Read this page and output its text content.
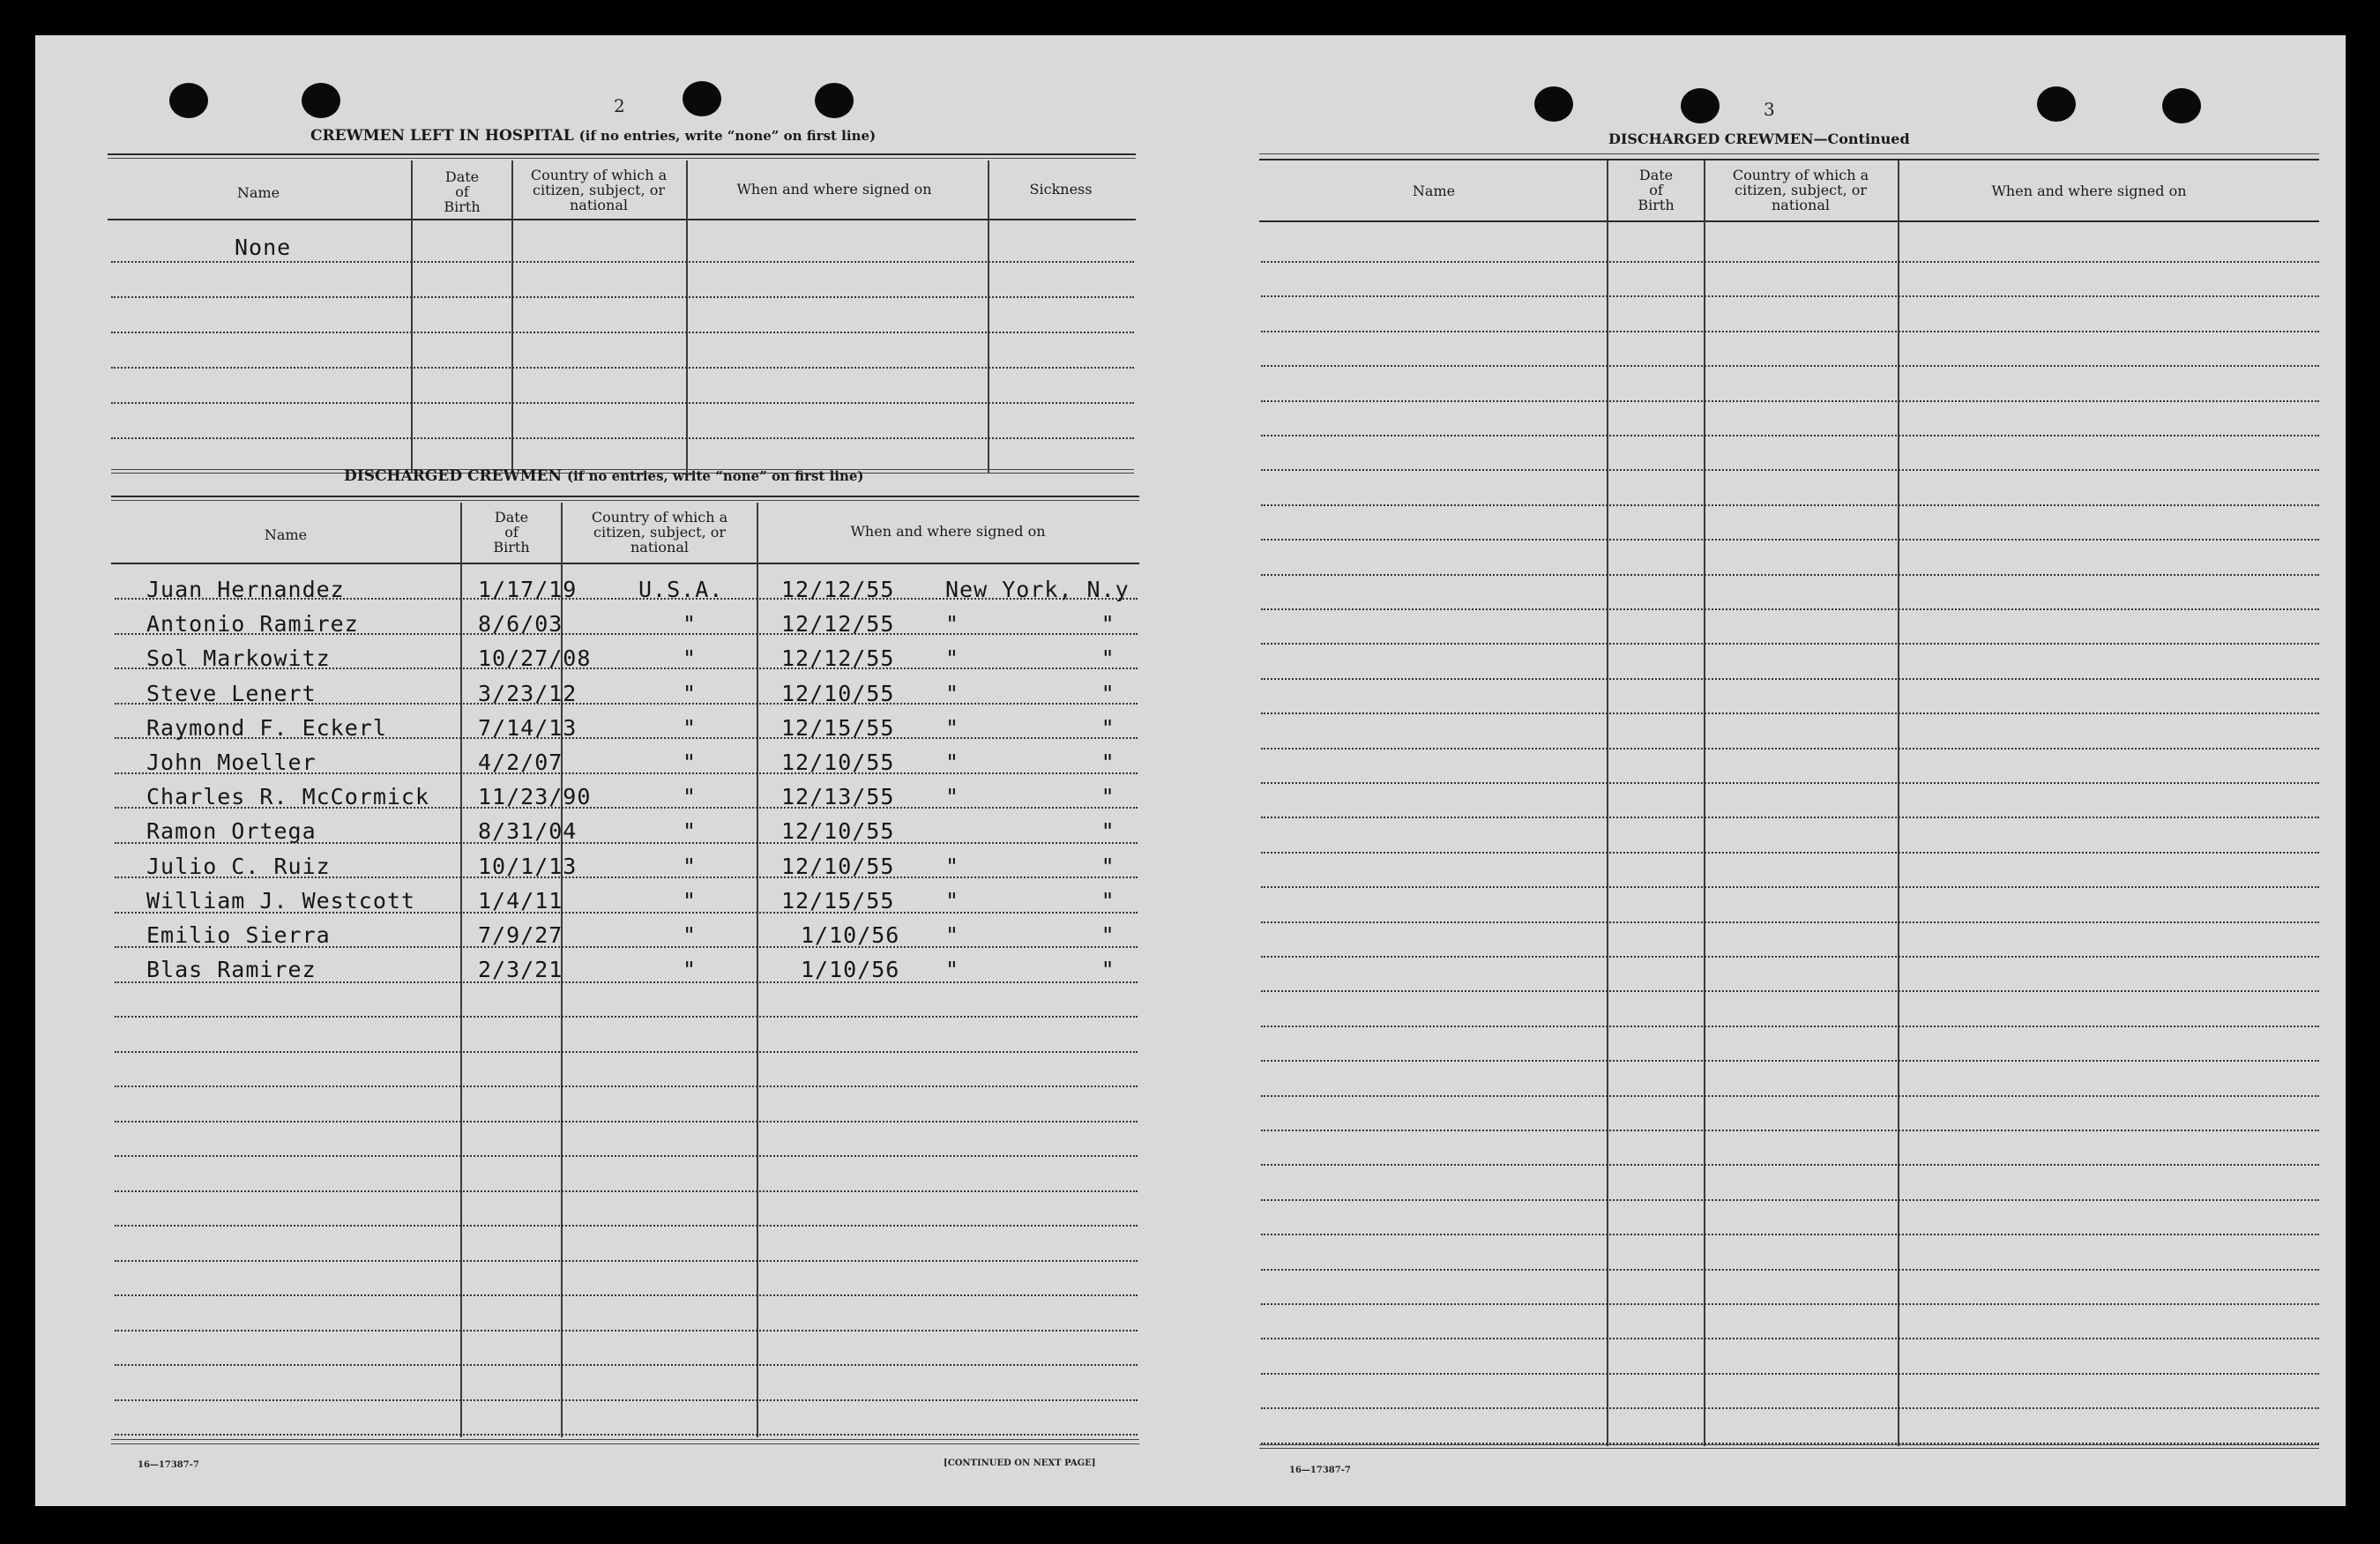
2
CREWMEN LEFT IN HOSPITAL (if no entries, write “none” on first line)
Name
Date
of
Birth
Country of which a
citizen, subject, or
national
When and where signed on	Sickness
None
DISCHARGED CREWMEN (if no entries, write “none” on first line)
Name
Date
of
Birth
Country of which a
citizen, subject, or
national
When and where signed on
Juan Hernandez	1/17/19	U.S.A.	12/12/55 New York, N.y
Antonio Ramirez	8/6/03	"	12/12/55 "          "
Sol Markowitz	10/27/08	"	12/12/55 "          "
Steve Lenert	3/23/12	"	12/10/55 "          "
Raymond F. Eckerl	7/14/13	"	12/15/55 "          "
John Moeller	4/2/07	"	12/10/55 "          "
Charles R. McCormick 11/23/90	"	12/13/55 "          "
Ramon Ortega	8/31/04	"	12/10/55 "
Julio C. Ruiz	10/1/13	"	12/10/55 "          "
William J. Westcott	1/4/11	"	12/15/55 "          "
Emilio Sierra	7/9/27	"	1/10/56 "          "
Blas Ramirez	2/3/21	"	1/10/56 "          "
16—17387-7	[CONTINUED ON NEXT PAGE]
3
DISCHARGED CREWMEN—Continued
Name
Date
of
Birth
Country of which a
citizen, subject, or
national
When and where signed on
16—17387-7
